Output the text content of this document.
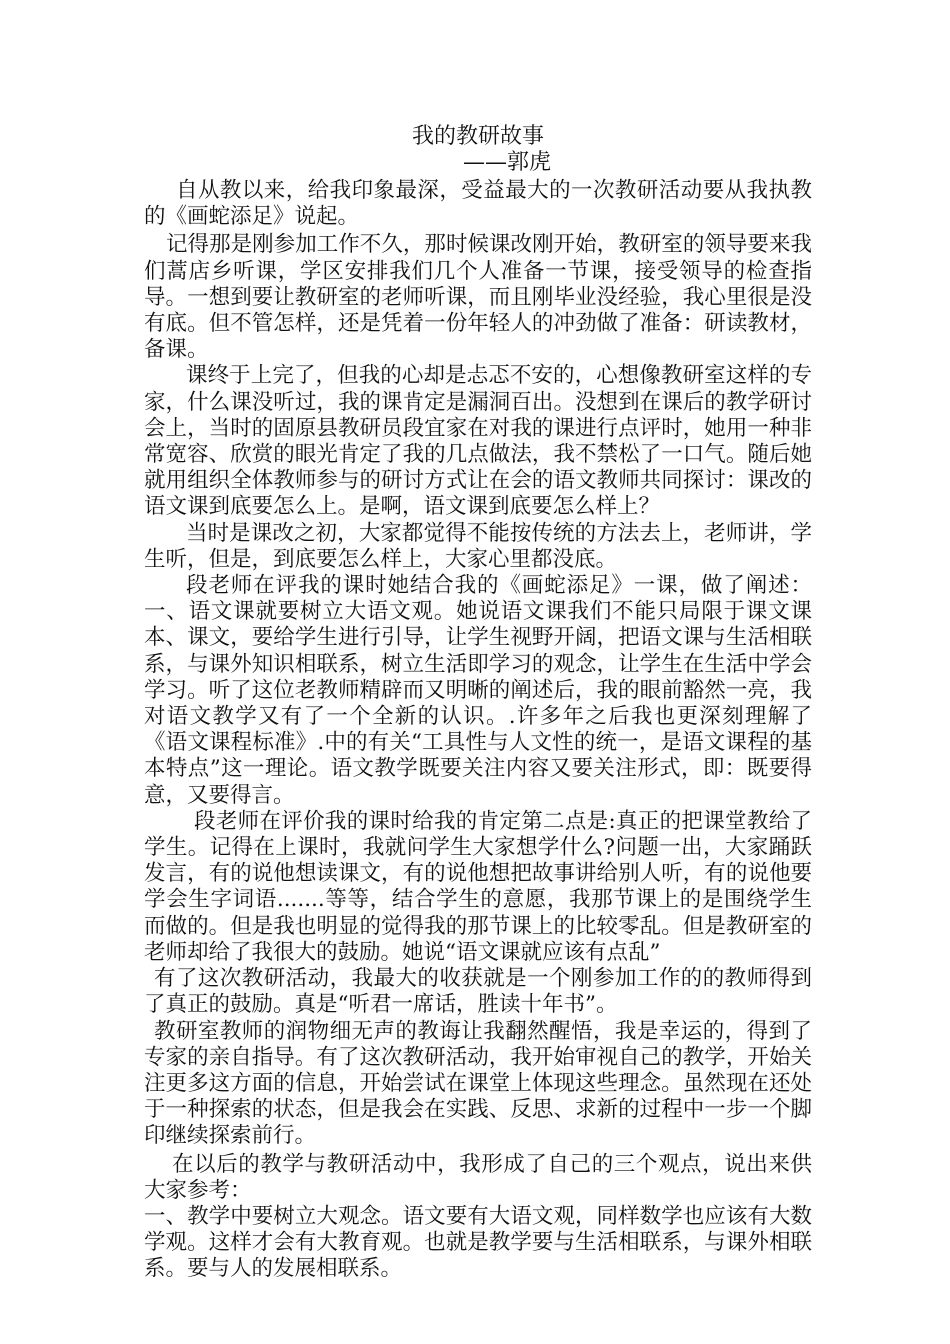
我的教研故事
——郭虎

自从教以来，给我印象最深，受益最大的一次教研活动要从我执教的《画蛇添足》说起。

记得那是刚参加工作不久，那时候课改刚开始，教研室的领导要来我们蒿店乡听课，学区安排我们几个人准备一节课，接受领导的检查指导。一想到要让教研室的老师听课，而且刚毕业没经验，我心里很是没有底。但不管怎样，还是凭着一份年轻人的冲劲做了准备：研读教材，备课。

课终于上完了，但我的心却是忐忑不安的，心想像教研室这样的专家，什么课没听过，我的课肯定是漏洞百出。没想到在课后的教学研讨会上，当时的固原县教研员段宜家在对我的课进行点评时，她用一种非常宽容、欣赏的眼光肯定了我的几点做法，我不禁松了一口气。随后她就用组织全体教师参与的研讨方式让在会的语文教师共同探讨：课改的语文课到底要怎么上。是啊，语文课到底要怎么样上？

当时是课改之初，大家都觉得不能按传统的方法去上，老师讲，学生听，但是，到底要怎么样上，大家心里都没底。

段老师在评我的课时她结合我的《画蛇添足》一课，做了阐述：一、语文课就要树立大语文观。她说语文课我们不能只局限于课文课本、课文，要给学生进行引导，让学生视野开阔，把语文课与生活相联系，与课外知识相联系，树立生活即学习的观念，让学生在生活中学会学习。听了这位老教师精辟而又明晰的阐述后，我的眼前豁然一亮，我对语文教学又有了一个全新的认识。.许多年之后我也更深刻理解了《语文课程标准》.中的有关“工具性与人文性的统一，是语文课程的基本特点”这一理论。语文教学既要关注内容又要关注形式，即：既要得意，又要得言。

段老师在评价我的课时给我的肯定第二点是:真正的把课堂教给了学生。记得在上课时，我就问学生大家想学什么?问题一出，大家踊跃发言，有的说他想读课文，有的说他想把故事讲给别人听，有的说他要学会生字词语.......等等，结合学生的意愿，我那节课上的是围绕学生而做的。但是我也明显的觉得我的那节课上的比较零乱。但是教研室的老师却给了我很大的鼓励。她说“语文课就应该有点乱”

有了这次教研活动，我最大的收获就是一个刚参加工作的的教师得到了真正的鼓励。真是“听君一席话，胜读十年书”。

教研室教师的润物细无声的教诲让我翻然醒悟，我是幸运的，得到了专家的亲自指导。有了这次教研活动，我开始审视自己的教学，开始关注更多这方面的信息，开始尝试在课堂上体现这些理念。虽然现在还处于一种探索的状态，但是我会在实践、反思、求新的过程中一步一个脚印继续探索前行。

在以后的教学与教研活动中，我形成了自己的三个观点，说出来供大家参考：

一、教学中要树立大观念。语文要有大语文观，同样数学也应该有大数学观。这样才会有大教育观。也就是教学要与生活相联系，与课外相联系。要与人的发展相联系。
